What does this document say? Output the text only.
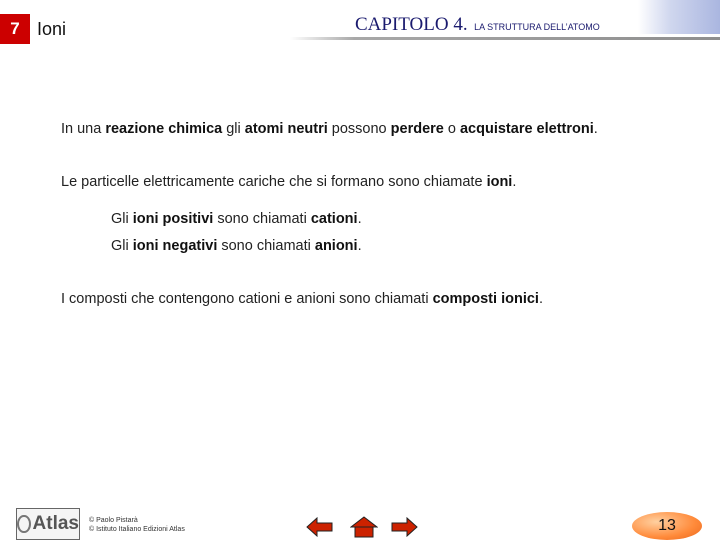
7 Ioni	CAPITOLO 4. LA STRUTTURA DELL’ATOMO

In una reazione chimica gli atomi neutri possono perdere o acquistare elettroni.

Le particelle elettricamente cariche che si formano sono chiamate ioni.

Gli ioni positivi sono chiamati cationi.

Gli ioni negativi sono chiamati anioni.

I composti che contengono cationi e anioni sono chiamati composti ionici.

Atlas © Paolo Pistarà
© Istituto Italiano Edizioni Atlas	13
